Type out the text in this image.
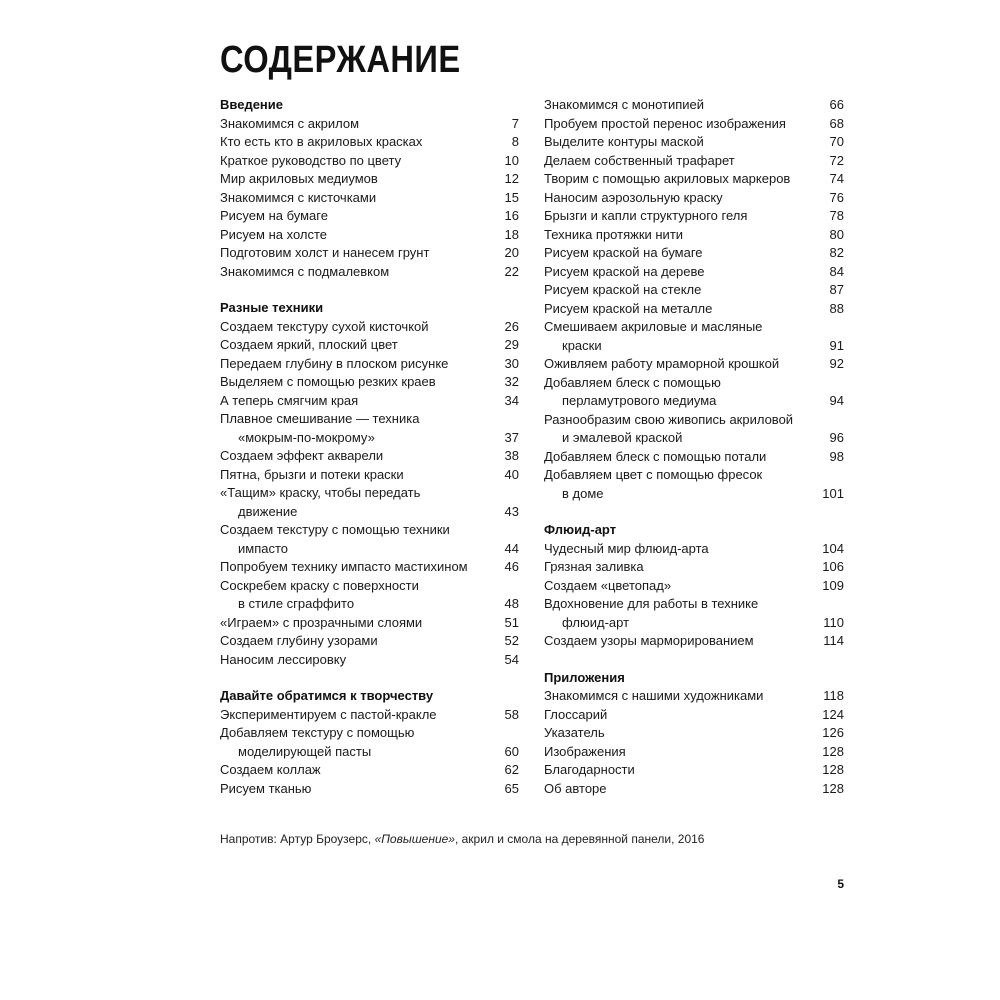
СОДЕРЖАНИЕ
Введение
Знакомимся с акрилом	7
Кто есть кто в акриловых красках	8
Краткое руководство по цвету	10
Мир акриловых медиумов	12
Знакомимся с кисточками	15
Рисуем на бумаге	16
Рисуем на холсте	18
Подготовим холст и нанесем грунт	20
Знакомимся с подмалевком	22
Разные техники
Создаем текстуру сухой кисточкой	26
Создаем яркий, плоский цвет	29
Передаем глубину в плоском рисунке	30
Выделяем с помощью резких краев	32
А теперь смягчим края	34
Плавное смешивание — техника
«мокрым-по-мокрому»	37
Создаем эффект акварели	38
Пятна, брызги и потеки краски	40
«Тащим» краску, чтобы передать
движение	43
Создаем текстуру с помощью техники
импасто	44
Попробуем технику импасто мастихином	46
Соскребем краску с поверхности
в стиле сграффито	48
«Играем» с прозрачными слоями	51
Создаем глубину узорами	52
Наносим лессировку	54
Давайте обратимся к творчеству
Экспериментируем с пастой-кракле	58
Добавляем текстуру с помощью
моделирующей пасты	60
Создаем коллаж	62
Рисуем тканью	65
Знакомимся с монотипией	66
Пробуем простой перенос изображения	68
Выделите контуры маской	70
Делаем собственный трафарет	72
Творим с помощью акриловых маркеров	74
Наносим аэрозольную краску	76
Брызги и капли структурного геля	78
Техника протяжки нити	80
Рисуем краской на бумаге	82
Рисуем краской на дереве	84
Рисуем краской на стекле	87
Рисуем краской на металле	88
Смешиваем акриловые и масляные
краски	91
Оживляем работу мраморной крошкой	92
Добавляем блеск с помощью
перламутрового медиума	94
Разнообразим свою живопись акриловой
и эмалевой краской	96
Добавляем блеск с помощью потали	98
Добавляем цвет с помощью фресок
в доме	101
Флюид-арт
Чудесный мир флюид-арта	104
Грязная заливка	106
Создаем «цветопад»	109
Вдохновение для работы в технике
флюид-арт	110
Создаем узоры марморированием	114
Приложения
Знакомимся с нашими художниками	118
Глоссарий	124
Указатель	126
Изображения	128
Благодарности	128
Об авторе	128
Напротив: Артур Броузерс, «Повышение», акрил и смола на деревянной панели, 2016
5
